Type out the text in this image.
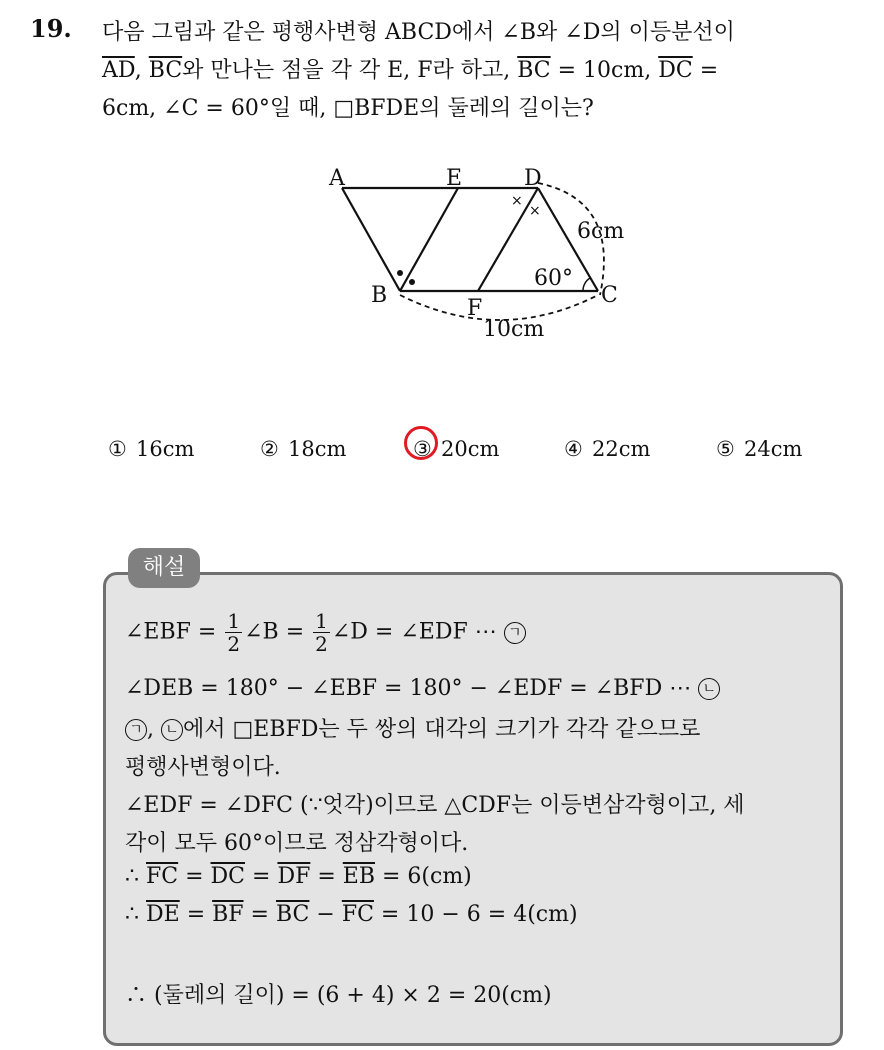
19. 다음 그림과 같은 평행사변형 ABCD에서 ∠B와 ∠D의 이등분선이
$\overline{AD}$, $\overline{BC}$와 만나는 점을 각 각 E, F라 하고, $\overline{BC} = 10cm$, $\overline{DC}$ =
6cm, ∠C = 60°일 때, □BFDE의 둘레의 길이는?
×
×
A	E	D
B
F
C
6cm
60°
10cm
① 16cm	② 18cm	③ 20cm	④ 22cm	⑤ 24cm
해설
∠EBF = $\frac{1}{2}$ ∠B = $\frac{1}{2}$ ∠D = ∠EDF ⋯ ㄱ
∠DEB = 180° − ∠EBF = 180° − ∠EDF = ∠BFD ⋯ ㄴ
ㄱ , ㄴ 에서 □EBFD는 두 쌍의 대각의 크기가 각각 같으므로
평행사변형이다.
∠EDF = ∠DFC (∵엇각)이므로 △CDF는 이등변삼각형이고, 세
각이 모두 60°이므로 정삼각형이다.
∴ $\overline{FC} = \overline{DC} = \overline{DF} = \overline{EB} = 6(cm)$
∴ $\overline{DE} = \overline{BF} = \overline{BC} - \overline{FC} = 10 - 6 = 4(cm)$
∴ (둘레의 길이) = (6 + 4) × 2 = 20(cm)
